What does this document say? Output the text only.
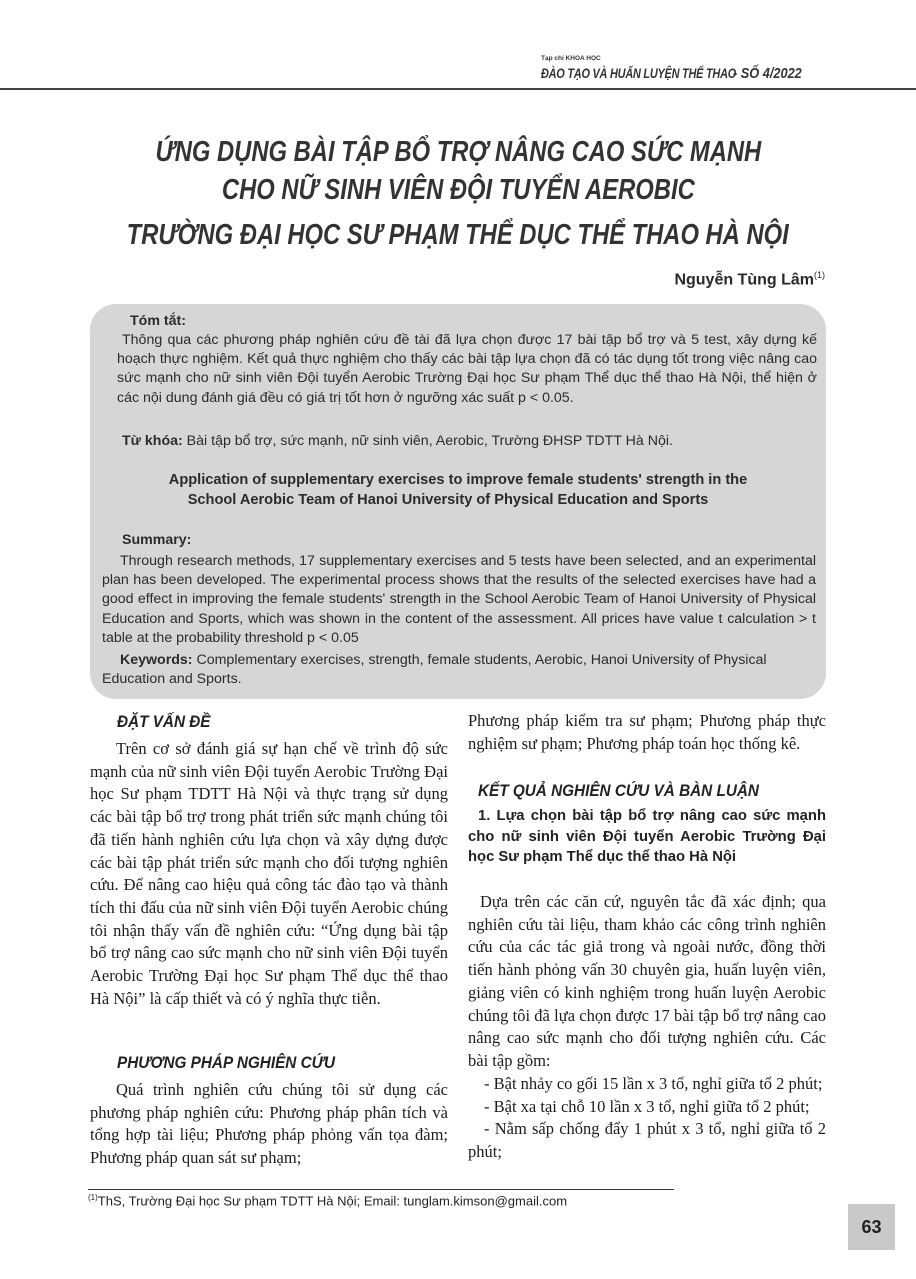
Tạp chí KHOA HỌC
ĐÀO TẠO VÀ HUẤN LUYỆN THỂ THAO
- SỐ 4/2022
ỨNG DỤNG BÀI TẬP BỔ TRỢ NÂNG CAO SỨC MẠNH
CHO NỮ SINH VIÊN ĐỘI TUYỂN AEROBIC
TRƯỜNG ĐẠI HỌC SƯ PHẠM THỂ DỤC THỂ THAO HÀ NỘI
Nguyễn Tùng Lâm$^{(1)}$
Tóm tắt:
Thông qua các phương pháp nghiên cứu đề tài đã lựa chọn được 17 bài tập bổ trợ và 5 test, xây dựng kế hoạch thực nghiệm. Kết quả thực nghiệm cho thấy các bài tập lựa chọn đã có tác dụng tốt trong việc nâng cao sức mạnh cho nữ sinh viên Đội tuyển Aerobic Trường Đại học Sư phạm Thể dục thể thao Hà Nội, thể hiện ở các nội dung đánh giá đều có giá trị tốt hơn ở ngưỡng xác suất p < 0.05.
Từ khóa: Bài tập bổ trợ, sức mạnh, nữ sinh viên, Aerobic, Trường ĐHSP TDTT Hà Nội.
Application of supplementary exercises to improve female students' strength in the
School Aerobic Team of Hanoi University of Physical Education and Sports
Summary:
Through research methods, 17 supplementary exercises and 5 tests have been selected, and an experimental plan has been developed. The experimental process shows that the results of the selected exercises have had a good effect in improving the female students' strength in the School Aerobic Team of Hanoi University of Physical Education and Sports, which was shown in the content of the assessment. All prices have value t calculation > t table at the probability threshold p < 0.05
Keywords: Complementary exercises, strength, female students, Aerobic, Hanoi University of Physical Education and Sports.
ĐẶT VẤN ĐỀ
Trên cơ sở đánh giá sự hạn chế về trình độ sức mạnh của nữ sinh viên Đội tuyển Aerobic Trường Đại học Sư phạm TDTT Hà Nội và thực trạng sử dụng các bài tập bổ trợ trong phát triển sức mạnh chúng tôi đã tiến hành nghiên cứu lựa chọn và xây dựng được các bài tập phát triển sức mạnh cho đối tượng nghiên cứu. Để nâng cao hiệu quả công tác đào tạo và thành tích thi đấu của nữ sinh viên Đội tuyển Aerobic chúng tôi nhận thấy vấn đề nghiên cứu: “Ứng dụng bài tập bổ trợ nâng cao sức mạnh cho nữ sinh viên Đội tuyển Aerobic Trường Đại học Sư phạm Thể dục thể thao Hà Nội” là cấp thiết và có ý nghĩa thực tiễn.
PHƯƠNG PHÁP NGHIÊN CỨU
Quá trình nghiên cứu chúng tôi sử dụng các phương pháp nghiên cứu: Phương pháp phân tích và tổng hợp tài liệu; Phương pháp phỏng vấn tọa đàm; Phương pháp quan sát sư phạm;
Phương pháp kiểm tra sư phạm; Phương pháp thực nghiệm sư phạm; Phương pháp toán học thống kê.
KẾT QUẢ NGHIÊN CỨU VÀ BÀN LUẬN
1. Lựa chọn bài tập bổ trợ nâng cao sức mạnh cho nữ sinh viên Đội tuyển Aerobic Trường Đại học Sư phạm Thể dục thể thao Hà Nội
Dựa trên các căn cứ, nguyên tắc đã xác định; qua nghiên cứu tài liệu, tham khảo các công trình nghiên cứu của các tác giả trong và ngoài nước, đồng thời tiến hành phỏng vấn 30 chuyên gia, huấn luyện viên, giảng viên có kinh nghiệm trong huấn luyện Aerobic chúng tôi đã lựa chọn được 17 bài tập bổ trợ nâng cao nâng cao sức mạnh cho đối tượng nghiên cứu. Các bài tập gồm:
- Bật nhảy co gối 15 lần x 3 tổ, nghỉ giữa tổ 2 phút;
- Bật xa tại chỗ 10 lần x 3 tổ, nghỉ giữa tổ 2 phút;
- Nằm sấp chống đẩy 1 phút x 3 tổ, nghỉ giữa tổ 2 phút;
$^{(1)}$ThS, Trường Đại học Sư phạm TDTT Hà Nội; Email: tunglam.kimson@gmail.com
63
